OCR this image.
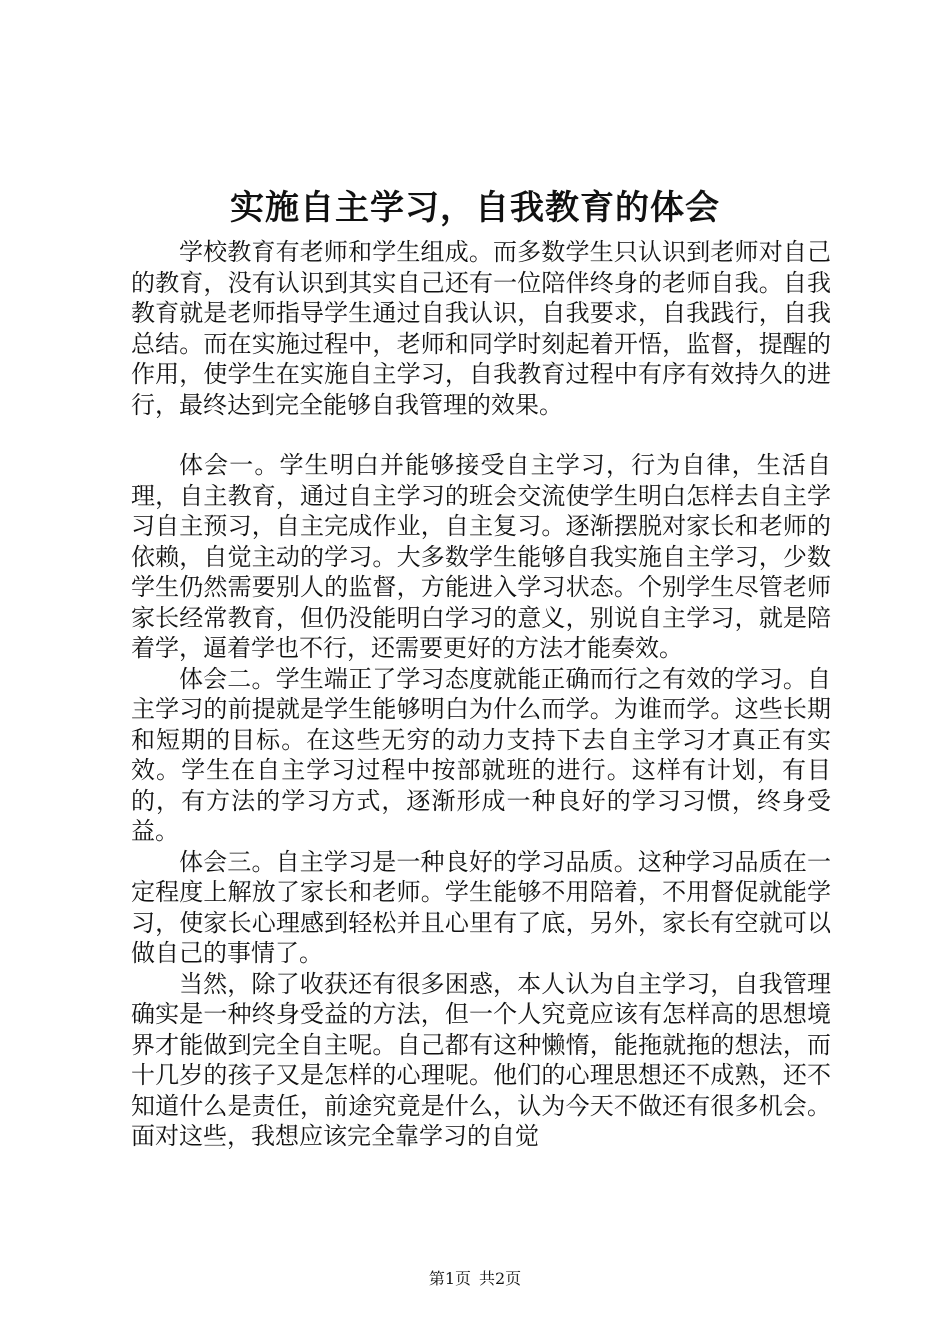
实施自主学习，自我教育的体会

学校教育有老师和学生组成。而多数学生只认识到老师对自己的教育，没有认识到其实自己还有一位陪伴终身的老师自我。自我教育就是老师指导学生通过自我认识，自我要求，自我践行，自我总结。而在实施过程中，老师和同学时刻起着开悟，监督，提醒的作用，使学生在实施自主学习，自我教育过程中有序有效持久的进行，最终达到完全能够自我管理的效果。

体会一。学生明白并能够接受自主学习，行为自律，生活自理，自主教育，通过自主学习的班会交流使学生明白怎样去自主学习自主预习，自主完成作业，自主复习。逐渐摆脱对家长和老师的依赖，自觉主动的学习。大多数学生能够自我实施自主学习，少数学生仍然需要别人的监督，方能进入学习状态。个别学生尽管老师家长经常教育，但仍没能明白学习的意义，别说自主学习，就是陪着学，逼着学也不行，还需要更好的方法才能奏效。

体会二。学生端正了学习态度就能正确而行之有效的学习。自主学习的前提就是学生能够明白为什么而学。为谁而学。这些长期和短期的目标。在这些无穷的动力支持下去自主学习才真正有实效。学生在自主学习过程中按部就班的进行。这样有计划，有目的，有方法的学习方式，逐渐形成一种良好的学习习惯，终身受益。

体会三。自主学习是一种良好的学习品质。这种学习品质在一定程度上解放了家长和老师。学生能够不用陪着，不用督促就能学习，使家长心理感到轻松并且心里有了底，另外，家长有空就可以做自己的事情了。

当然，除了收获还有很多困惑，本人认为自主学习，自我管理确实是一种终身受益的方法，但一个人究竟应该有怎样高的思想境界才能做到完全自主呢。自己都有这种懒惰，能拖就拖的想法，而十几岁的孩子又是怎样的心理呢。他们的心理思想还不成熟，还不知道什么是责任，前途究竟是什么，认为今天不做还有很多机会。面对这些，我想应该完全靠学习的自觉

第1页 共2页
